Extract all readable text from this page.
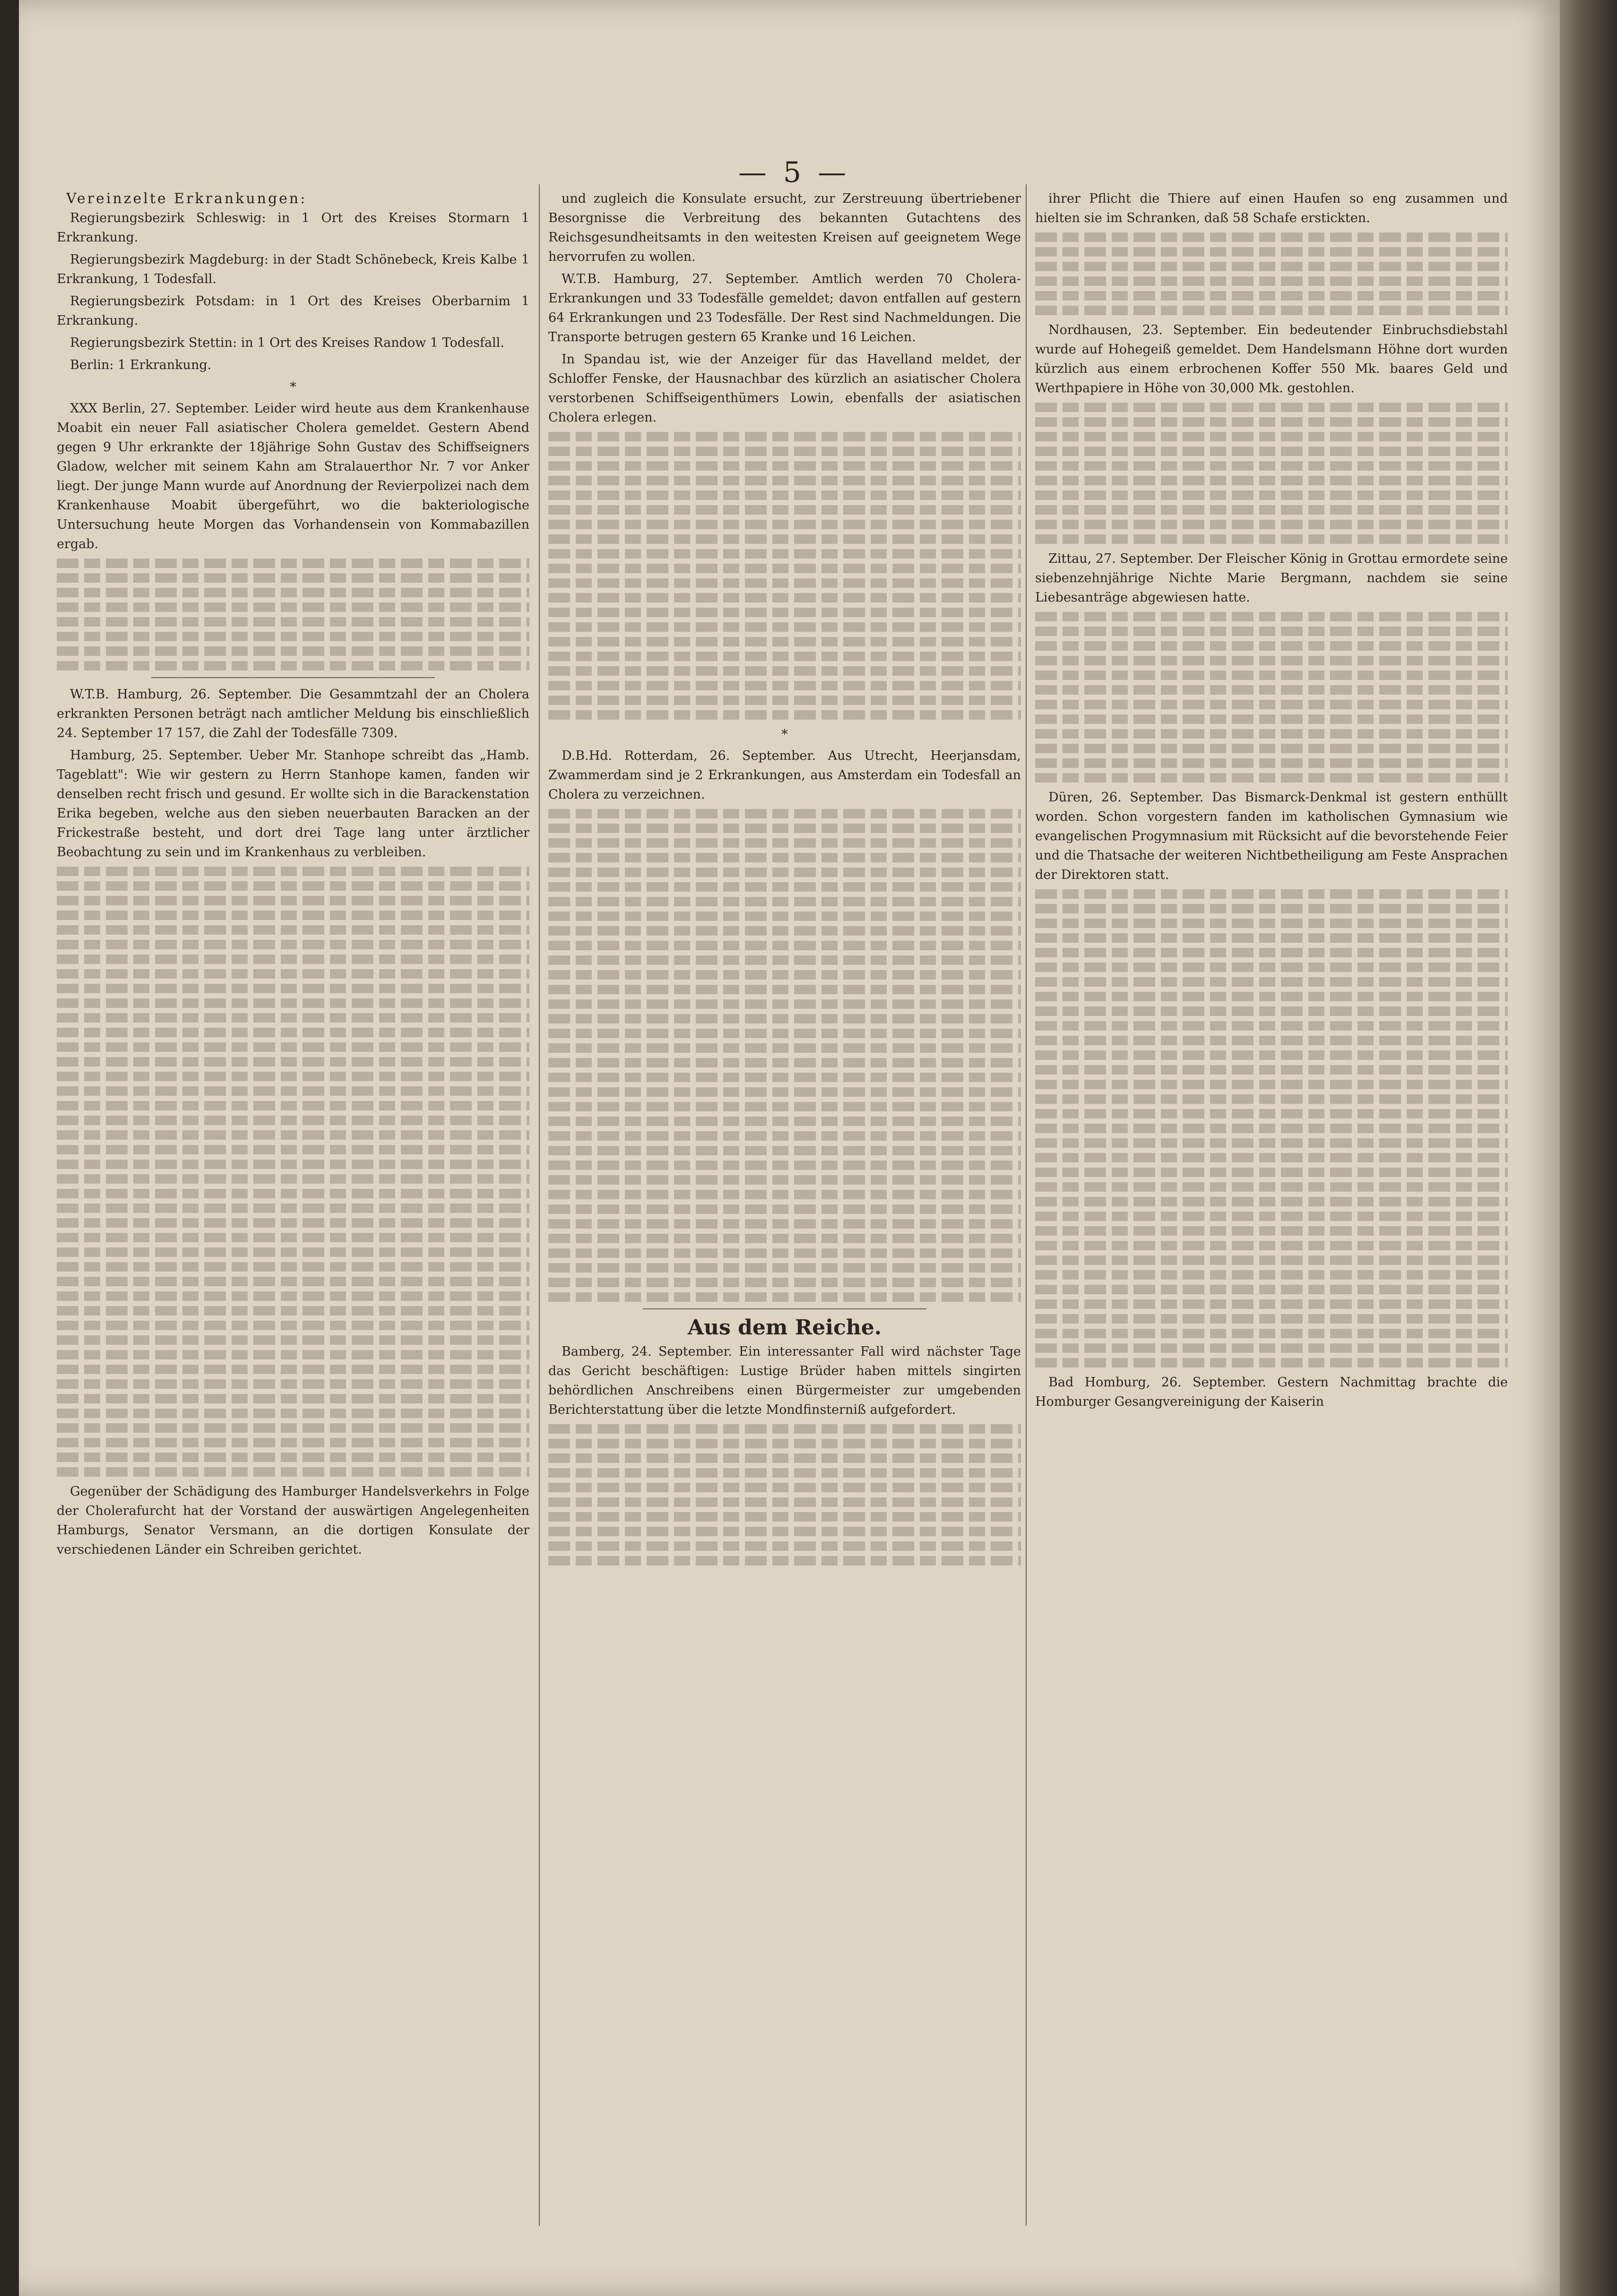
— 5 —
Vereinzelte Erkrankungen:

Regierungsbezirk Schleswig: in 1 Ort des Kreises Stormarn 1 Erkrankung.

Regierungsbezirk Magdeburg: in der Stadt Schönebeck, Kreis Kalbe 1 Erkrankung, 1 Todesfall.

Regierungsbezirk Potsdam: in 1 Ort des Kreises Oberbarnim 1 Erkrankung.

Regierungsbezirk Stettin: in 1 Ort des Kreises Randow 1 Todesfall.

Berlin: 1 Erkrankung.

*

XXX Berlin, 27. September. Leider wird heute aus dem Krankenhause Moabit ein neuer Fall asiatischer Cholera gemeldet. Gestern Abend gegen 9 Uhr erkrankte der 18jährige Sohn Gustav des Schiffseigners Gladow, welcher mit seinem Kahn am Stralauerthor Nr. 7 vor Anker liegt. Der junge Mann wurde auf Anordnung der Revierpolizei nach dem Krankenhause Moabit übergeführt, wo die bakteriologische Untersuchung heute Morgen das Vorhandensein von Kommabazillen ergab.

W.T.B. Hamburg, 26. September. Die Gesammtzahl der an Cholera erkrankten Personen beträgt nach amtlicher Meldung bis einschließlich 24. September 17 157, die Zahl der Todesfälle 7309.

Hamburg, 25. September. Ueber Mr. Stanhope schreibt das „Hamb. Tageblatt": Wie wir gestern zu Herrn Stanhope kamen, fanden wir denselben recht frisch und gesund. Er wollte sich in die Barackenstation Erika begeben, welche aus den sieben neuerbauten Baracken an der Frickestraße besteht, und dort drei Tage lang unter ärztlicher Beobachtung zu sein und im Krankenhaus zu verbleiben.

Gegenüber der Schädigung des Hamburger Handelsverkehrs in Folge der Cholerafurcht hat der Vorstand der auswärtigen Angelegenheiten Hamburgs, Senator Versmann, an die dortigen Konsulate der verschiedenen Länder ein Schreiben gerichtet.

und zugleich die Konsulate ersucht, zur Zerstreuung übertriebener Besorgnisse die Verbreitung des bekannten Gutachtens des Reichsgesundheitsamts in den weitesten Kreisen auf geeignetem Wege hervorrufen zu wollen.

W.T.B. Hamburg, 27. September. Amtlich werden 70 Cholera-Erkrankungen und 33 Todesfälle gemeldet; davon entfallen auf gestern 64 Erkrankungen und 23 Todesfälle. Der Rest sind Nachmeldungen. Die Transporte betrugen gestern 65 Kranke und 16 Leichen.

In Spandau ist, wie der Anzeiger für das Havelland meldet, der Schloffer Fenske, der Hausnachbar des kürzlich an asiatischer Cholera verstorbenen Schiffseigenthümers Lowin, ebenfalls der asiatischen Cholera erlegen.

*

D.B.Hd. Rotterdam, 26. September. Aus Utrecht, Heerjansdam, Zwammerdam sind je 2 Erkrankungen, aus Amsterdam ein Todesfall an Cholera zu verzeichnen.

Aus dem Reiche.

Bamberg, 24. September. Ein interessanter Fall wird nächster Tage das Gericht beschäftigen: Lustige Brüder haben mittels singirten behördlichen Anschreibens einen Bürgermeister zur umgebenden Berichterstattung über die letzte Mondfinsterniß aufgefordert.

ihrer Pflicht die Thiere auf einen Haufen so eng zusammen und hielten sie im Schranken, daß 58 Schafe erstickten.

Nordhausen, 23. September. Ein bedeutender Einbruchsdiebstahl wurde auf Hohegeiß gemeldet. Dem Handelsmann Höhne dort wurden kürzlich aus einem erbrochenen Koffer 550 Mk. baares Geld und Werthpapiere in Höhe von 30,000 Mk. gestohlen.

Zittau, 27. September. Der Fleischer König in Grottau ermordete seine siebenzehnjährige Nichte Marie Bergmann, nachdem sie seine Liebesanträge abgewiesen hatte.

Düren, 26. September. Das Bismarck-Denkmal ist gestern enthüllt worden. Schon vorgestern fanden im katholischen Gymnasium wie evangelischen Progymnasium mit Rücksicht auf die bevorstehende Feier und die Thatsache der weiteren Nichtbetheiligung am Feste Ansprachen der Direktoren statt.

Bad Homburg, 26. September. Gestern Nachmittag brachte die Homburger Gesangvereinigung der Kaiserin
